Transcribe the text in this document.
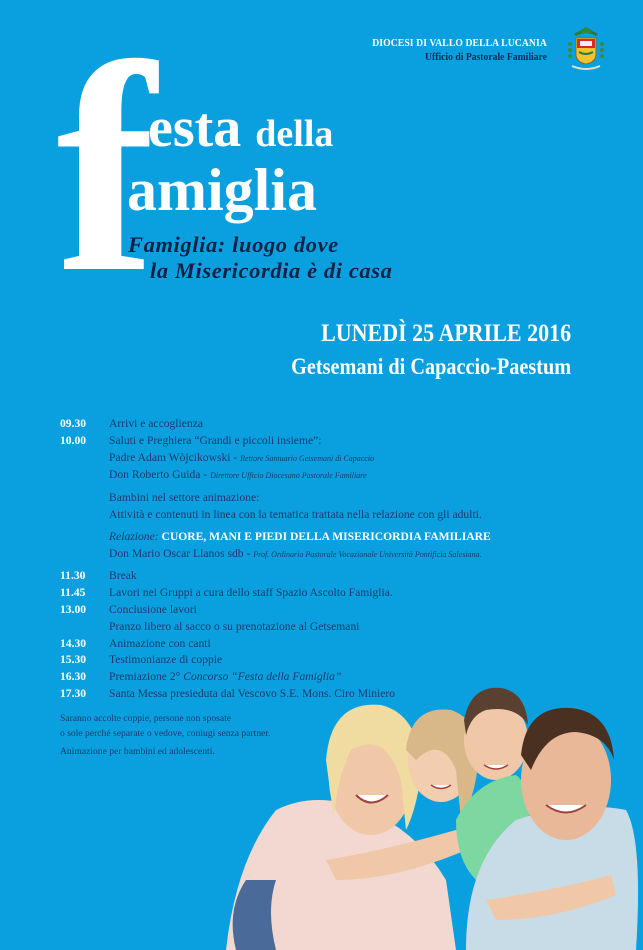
DIOCESI DI VALLO DELLA LUCANIA
Ufficio di Pastorale Familiare
f esta della
amiglia
Famiglia: luogo dove
la Misericordia è di casa
LUNEDÌ 25 APRILE 2016
Getsemani di Capaccio-Paestum
09.30	Arrivi e accoglienza
10.00	Saluti e Preghiera “Grandi e piccoli insieme”:
Padre Adam Wòjcikowski - Rettore Santuario Getsemani di Capaccio
Don Roberto Guida - Direttore Ufficio Diocesano Pastorale Familiare
Bambini nel settore animazione:
Attività e contenuti in linea con la tematica trattata nella relazione con gli adulti.
Relazione: CUORE, MANI E PIEDI DELLA MISERICORDIA FAMILIARE
Don Mario Oscar Llanos sdb - Prof. Ordinario Pastorale Vocazionale Università Pontificia Salesiana.
11.30	Break
11.45	Lavori nei Gruppi a cura dello staff Spazio Ascolto Famiglia.
13.00	Conclusione lavori
Pranzo libero al sacco o su prenotazione al Getsemani
14.30	Animazione con canti
15.30	Testimonianze di coppie
16.30	Premiazione 2° Concorso “Festa della Famiglia”
17.30	Santa Messa presieduta dal Vescovo S.E. Mons. Ciro Miniero
Saranno accolte coppie, persone non sposate
o sole perché separate o vedove, coniugi senza partner.
Animazione per bambini ed adolescenti.
